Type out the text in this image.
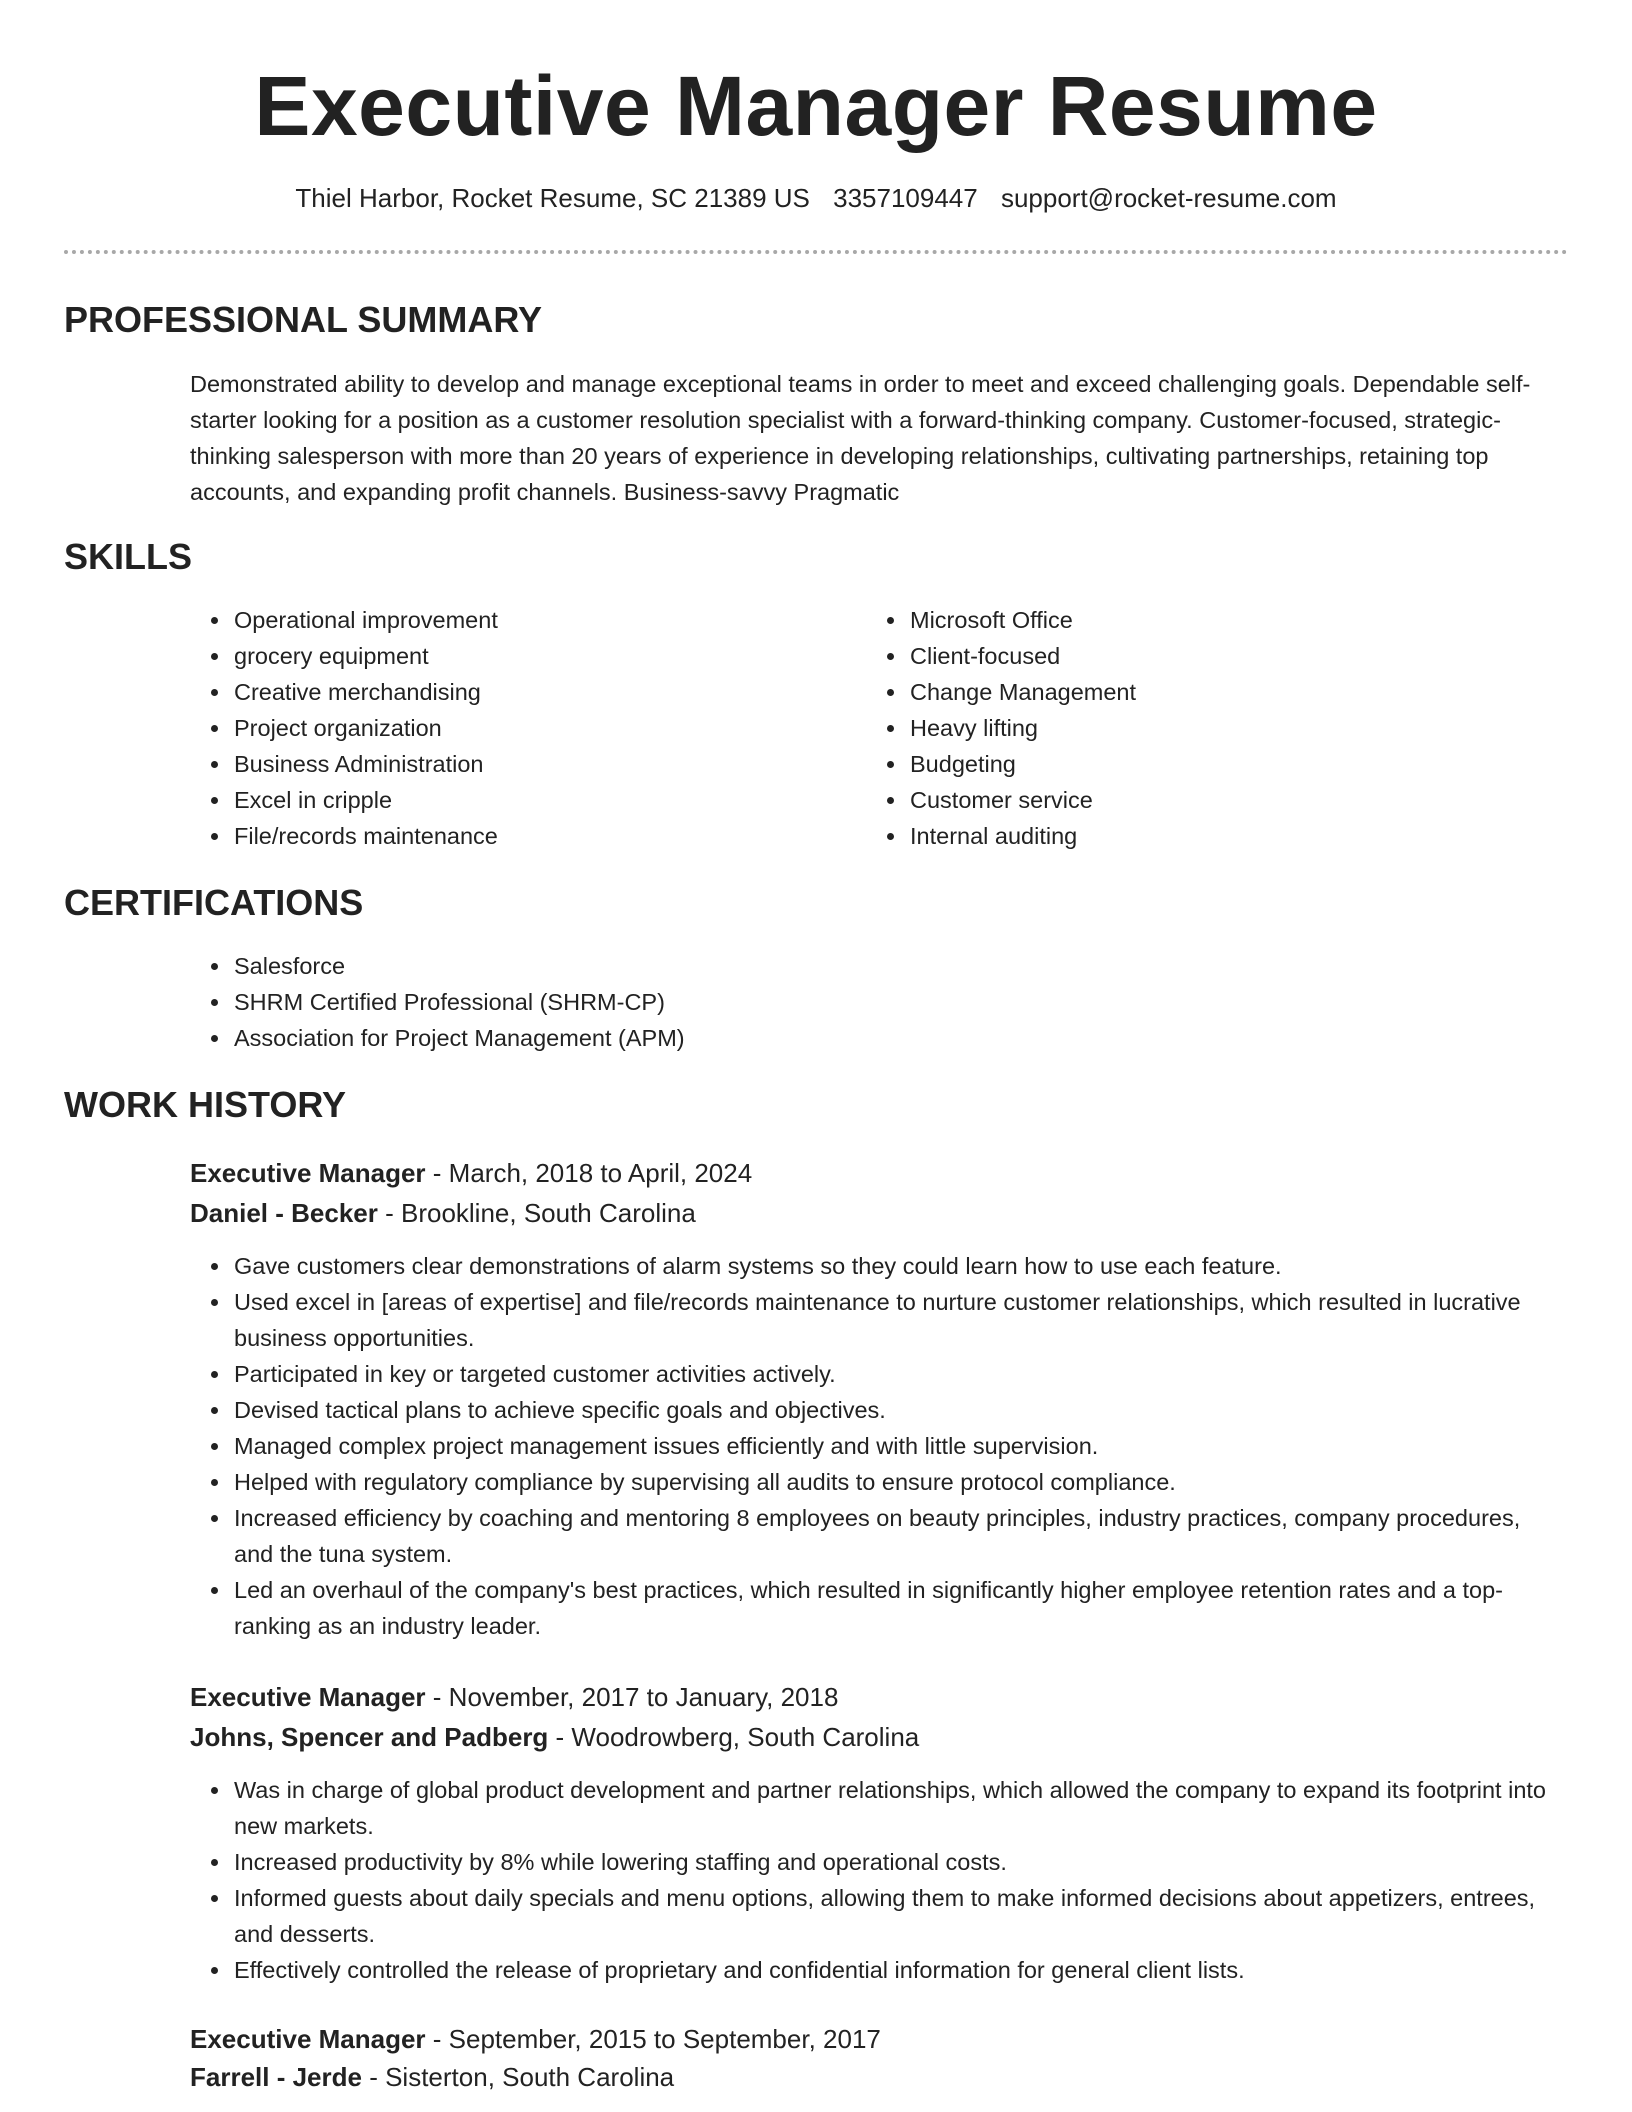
Executive Manager Resume
Thiel Harbor, Rocket Resume, SC 21389 US 3357109447 support@rocket-resume.com
PROFESSIONAL SUMMARY

Demonstrated ability to develop and manage exceptional teams in order to meet and exceed challenging goals. Dependable self-starter looking for a position as a customer resolution specialist with a forward-thinking company. Customer-focused, strategic-thinking salesperson with more than 20 years of experience in developing relationships, cultivating partnerships, retaining top accounts, and expanding profit channels. Business-savvy Pragmatic

SKILLS
• Operational improvement
• grocery equipment
• Creative merchandising
• Project organization
• Business Administration
• Excel in cripple
• File/records maintenance
• Microsoft Office
• Client-focused
• Change Management
• Heavy lifting
• Budgeting
• Customer service
• Internal auditing
CERTIFICATIONS
• Salesforce
• SHRM Certified Professional (SHRM-CP)
• Association for Project Management (APM)
WORK HISTORY
Executive Manager - March, 2018 to April, 2024
Daniel - Becker - Brookline, South Carolina
• Gave customers clear demonstrations of alarm systems so they could learn how to use each feature.
• Used excel in [areas of expertise] and file/records maintenance to nurture customer relationships, which resulted in lucrative business opportunities.
• Participated in key or targeted customer activities actively.
• Devised tactical plans to achieve specific goals and objectives.
• Managed complex project management issues efficiently and with little supervision.
• Helped with regulatory compliance by supervising all audits to ensure protocol compliance.
• Increased efficiency by coaching and mentoring 8 employees on beauty principles, industry practices, company procedures, and the tuna system.
• Led an overhaul of the company's best practices, which resulted in significantly higher employee retention rates and a top-ranking as an industry leader.
Executive Manager - November, 2017 to January, 2018
Johns, Spencer and Padberg - Woodrowberg, South Carolina
• Was in charge of global product development and partner relationships, which allowed the company to expand its footprint into new markets.
• Increased productivity by 8% while lowering staffing and operational costs.
• Informed guests about daily specials and menu options, allowing them to make informed decisions about appetizers, entrees, and desserts.
• Effectively controlled the release of proprietary and confidential information for general client lists.
Executive Manager - September, 2015 to September, 2017
Farrell - Jerde - Sisterton, South Carolina
